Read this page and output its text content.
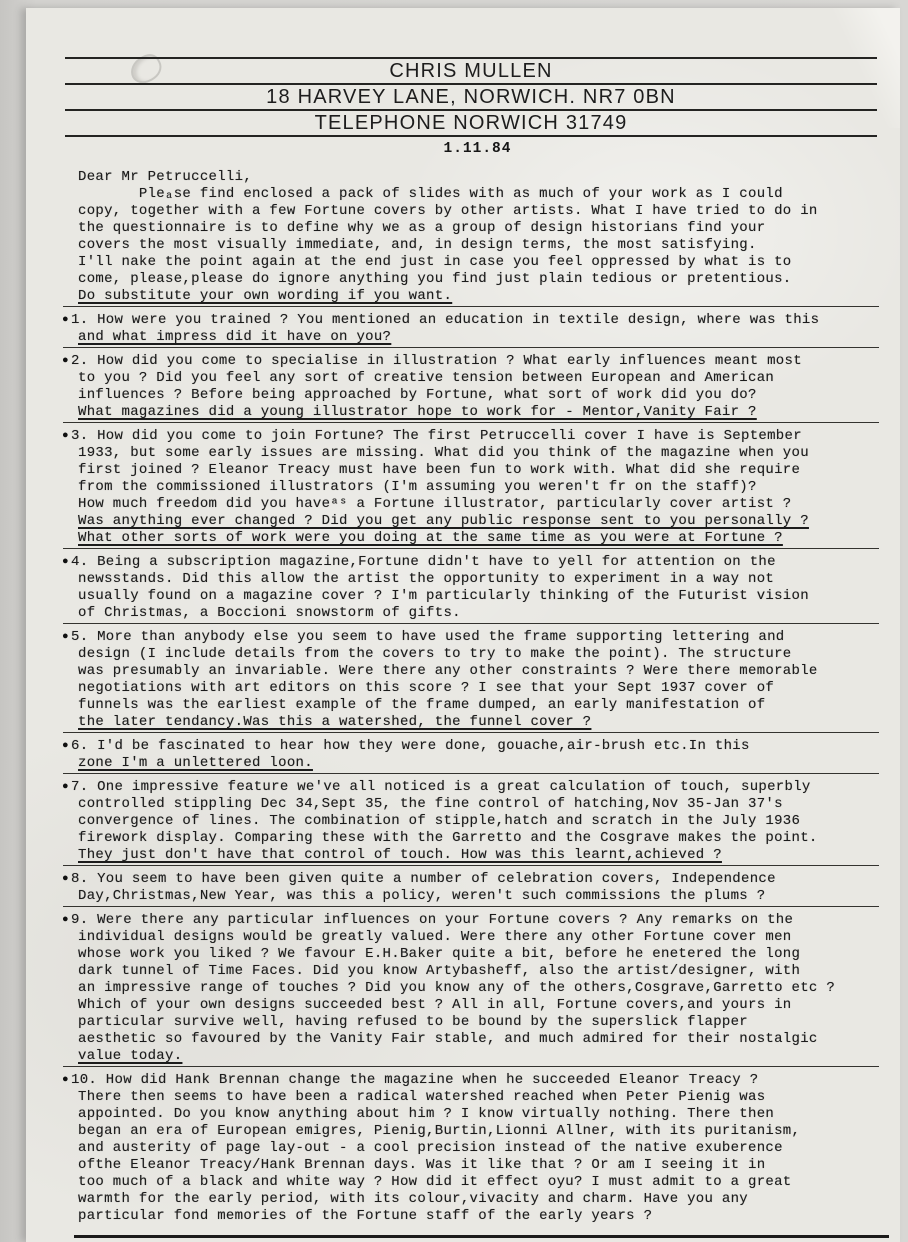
CHRIS MULLEN
18 HARVEY LANE, NORWICH. NR7 0BN
TELEPHONE NORWICH 31749
1.11.84
Dear Mr Petruccelli,
Pleₐse find enclosed a pack of slides with as much of your work as I could
copy, together with a few Fortune covers by other artists. What I have tried to do in
the questionnaire is to define why we as a group of design historians find your
covers the most visually immediate, and, in design terms, the most satisfying.
I'll nake the point again at the end just in case you feel oppressed by what is to
come, please,please do ignore anything you find just plain tedious or pretentious.
Do substitute your own wording if you want.
● 1. How were you trained ? You mentioned an education in textile design, where was this
and what impress did it have on you?
● 2. How did you come to specialise in illustration ? What early influences meant most
to you ? Did you feel any sort of creative tension between European and American
influences ? Before being approached by Fortune, what sort of work did you do?
What magazines did a young illustrator hope to work for - Mentor,Vanity Fair ?
● 3. How did you come to join Fortune? The first Petruccelli cover I have is September
1933, but some early issues are missing. What did you think of the magazine when you
first joined ? Eleanor Treacy must have been fun to work with. What did she require
from the commissioned illustrators (I'm assuming you weren't fr on the staff)?
How much freedom did you haveᵃˢ a Fortune illustrator, particularly cover artist ?
Was anything ever changed ? Did you get any public response sent to you personally ?
What other sorts of work were you doing at the same time as you were at Fortune ?
● 4. Being a subscription magazine,Fortune didn't have to yell for attention on the
newsstands. Did this allow the artist the opportunity to experiment in a way not
usually found on a magazine cover ? I'm particularly thinking of the Futurist vision
of Christmas, a Boccioni snowstorm of gifts.
● 5. More than anybody else you seem to have used the frame supporting lettering and
design (I include details from the covers to try to make the point). The structure
was presumably an invariable. Were there any other constraints ? Were there memorable
negotiations with art editors on this score ? I see that your Sept 1937 cover of
funnels was the earliest example of the frame dumped, an early manifestation of
the later tendancy.Was this a watershed, the funnel cover ?
● 6. I'd be fascinated to hear how they were done, gouache,air-brush etc.In this
zone I'm a unlettered loon.
● 7. One impressive feature we've all noticed is a great calculation of touch, superbly
controlled stippling Dec 34,Sept 35, the fine control of hatching,Nov 35-Jan 37's
convergence of lines. The combination of stipple,hatch and scratch in the July 1936
firework display. Comparing these with the Garretto and the Cosgrave makes the point.
They just don't have that control of touch. How was this learnt,achieved ?
● 8. You seem to have been given quite a number of celebration covers, Independence
Day,Christmas,New Year, was this a policy, weren't such commissions the plums ?
● 9. Were there any particular influences on your Fortune covers ? Any remarks on the
individual designs would be greatly valued. Were there any other Fortune cover men
whose work you liked ? We favour E.H.Baker quite a bit, before he enetered the long
dark tunnel of Time Faces. Did you know Artybasheff, also the artist/designer, with
an impressive range of touches ? Did you know any of the others,Cosgrave,Garretto etc ?
Which of your own designs succeeded best ? All in all, Fortune covers,and yours in
particular survive well, having refused to be bound by the superslick flapper
aesthetic so favoured by the Vanity Fair stable, and much admired for their nostalgic
value today.
● 10. How did Hank Brennan change the magazine when he succeeded Eleanor Treacy ?
There then seems to have been a radical watershed reached when Peter Pienig was
appointed. Do you know anything about him ? I know virtually nothing. There then
began an era of European emigres, Pienig,Burtin,Lionni Allner, with its puritanism,
and austerity of page lay-out - a cool precision instead of the native exuberence
ofthe Eleanor Treacy/Hank Brennan days. Was it like that ? Or am I seeing it in
too much of a black and white way ? How did it effect oyu? I must admit to a great
warmth for the early period, with its colour,vivacity and charm. Have you any
particular fond memories of the Fortune staff of the early years ?
